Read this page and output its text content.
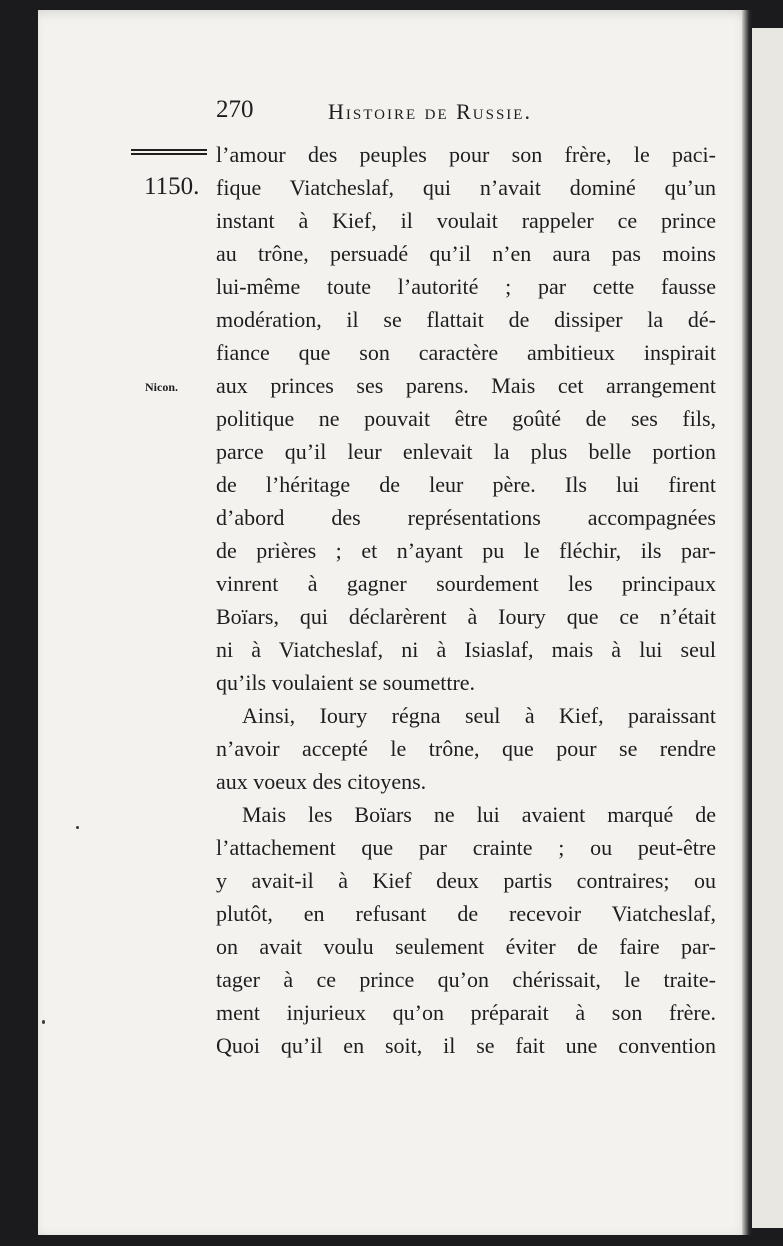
270	Histoire de Russie.
1150.
Nicon.
l’amour des peuples pour son frère, le paci-
fique Viatcheslaf, qui n’avait dominé qu’un
instant à Kief, il voulait rappeler ce prince
au trône, persuadé qu’il n’en aura pas moins
lui-même toute l’autorité ; par cette fausse
modération, il se flattait de dissiper la dé-
fiance que son caractère ambitieux inspirait
aux princes ses parens. Mais cet arrangement
politique ne pouvait être goûté de ses fils,
parce qu’il leur enlevait la plus belle portion
de l’héritage de leur père. Ils lui firent
d’abord des représentations accompagnées
de prières ; et n’ayant pu le fléchir, ils par-
vinrent à gagner sourdement les principaux
Boïars, qui déclarèrent à Ioury que ce n’était
ni à Viatcheslaf, ni à Isiaslaf, mais à lui seul
qu’ils voulaient se soumettre.
Ainsi, Ioury régna seul à Kief, paraissant
n’avoir accepté le trône, que pour se rendre
aux voeux des citoyens.
Mais les Boïars ne lui avaient marqué de
l’attachement que par crainte ; ou peut-être
y avait-il à Kief deux partis contraires; ou
plutôt, en refusant de recevoir Viatcheslaf,
on avait voulu seulement éviter de faire par-
tager à ce prince qu’on chérissait, le traite-
ment injurieux qu’on préparait à son frère.
Quoi qu’il en soit, il se fait une convention
